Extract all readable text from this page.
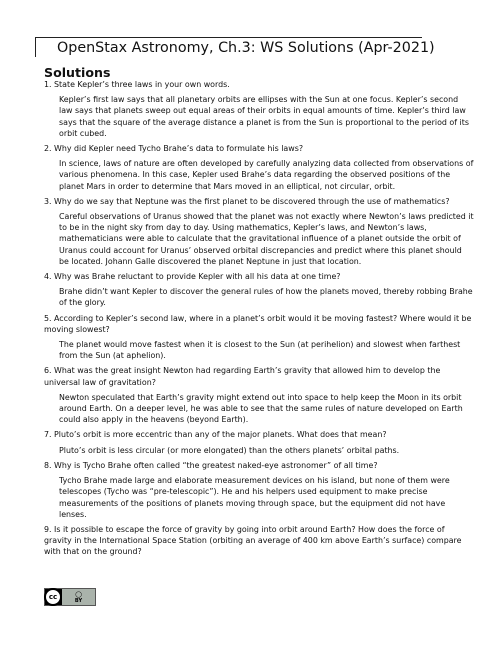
OpenStax Astronomy, Ch.3: WS Solutions (Apr-2021)
Solutions

1. State Kepler’s three laws in your own words.

Kepler’s first law says that all planetary orbits are ellipses with the Sun at one focus. Kepler’s second law says that planets sweep out equal areas of their orbits in equal amounts of time. Kepler’s third law says that the square of the average distance a planet is from the Sun is proportional to the period of its orbit cubed.

2. Why did Kepler need Tycho Brahe’s data to formulate his laws?

In science, laws of nature are often developed by carefully analyzing data collected from observations of various phenomena. In this case, Kepler used Brahe’s data regarding the observed positions of the planet Mars in order to determine that Mars moved in an elliptical, not circular, orbit.

3. Why do we say that Neptune was the first planet to be discovered through the use of mathematics?

Careful observations of Uranus showed that the planet was not exactly where Newton’s laws predicted it to be in the night sky from day to day. Using mathematics, Kepler’s laws, and Newton’s laws, mathematicians were able to calculate that the gravitational influence of a planet outside the orbit of Uranus could account for Uranus’ observed orbital discrepancies and predict where this planet should be located. Johann Galle discovered the planet Neptune in just that location.

4. Why was Brahe reluctant to provide Kepler with all his data at one time?

Brahe didn’t want Kepler to discover the general rules of how the planets moved, thereby robbing Brahe of the glory.

5. According to Kepler’s second law, where in a planet’s orbit would it be moving fastest? Where would it be moving slowest?

The planet would move fastest when it is closest to the Sun (at perihelion) and slowest when farthest from the Sun (at aphelion).

6. What was the great insight Newton had regarding Earth’s gravity that allowed him to develop the universal law of gravitation?

Newton speculated that Earth’s gravity might extend out into space to help keep the Moon in its orbit around Earth. On a deeper level, he was able to see that the same rules of nature developed on Earth could also apply in the heavens (beyond Earth).

7. Pluto’s orbit is more eccentric than any of the major planets. What does that mean?

Pluto’s orbit is less circular (or more elongated) than the others planets’ orbital paths.

8. Why is Tycho Brahe often called “the greatest naked-eye astronomer” of all time?

Tycho Brahe made large and elaborate measurement devices on his island, but none of them were telescopes (Tycho was “pre-telescopic”). He and his helpers used equipment to make precise measurements of the positions of planets moving through space, but the equipment did not have lenses.

9. Is it possible to escape the force of gravity by going into orbit around Earth? How does the force of gravity in the International Space Station (orbiting an average of 400 km above Earth’s surface) compare with that on the ground?

cc	◯
BY
